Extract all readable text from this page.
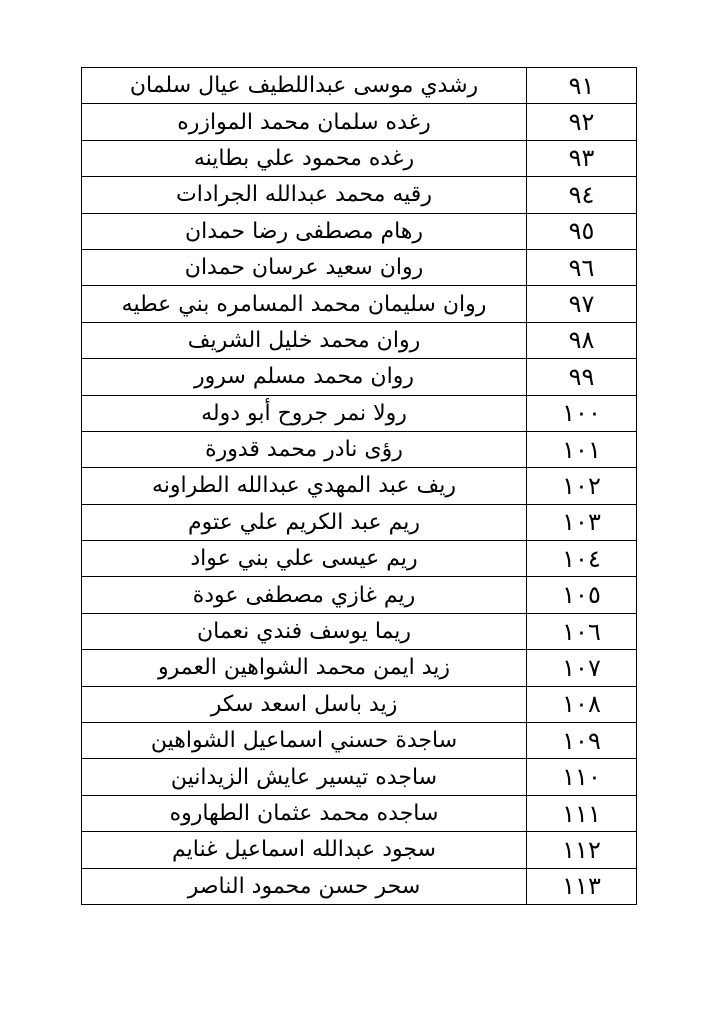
٩١	رشدي موسى عبداللطيف عيال سلمان
٩٢	رغده سلمان محمد الموازره
٩٣	رغده محمود علي بطاينه
٩٤	رقيه محمد عبدالله الجرادات
٩٥	رهام مصطفى رضا حمدان
٩٦	روان سعيد عرسان حمدان
٩٧	روان سليمان محمد المسامره بني عطيه
٩٨	روان محمد خليل الشريف
٩٩	روان محمد مسلم سرور
١٠٠	رولا نمر جروح أبو دوله
١٠١	رؤى نادر محمد قدورة
١٠٢	ريف عبد المهدي عبدالله الطراونه
١٠٣	ريم عبد الكريم علي عتوم
١٠٤	ريم عيسى علي بني عواد
١٠٥	ريم غازي مصطفى عودة
١٠٦	ريما يوسف فندي نعمان
١٠٧	زيد ايمن محمد الشواهين العمرو
١٠٨	زيد باسل اسعد سكر
١٠٩	ساجدة حسني اسماعيل الشواهين
١١٠	ساجده تيسير عايش الزيدانين
١١١	ساجده محمد عثمان الطهاروه
١١٢	سجود عبدالله اسماعيل غنايم
١١٣	سحر حسن محمود الناصر
